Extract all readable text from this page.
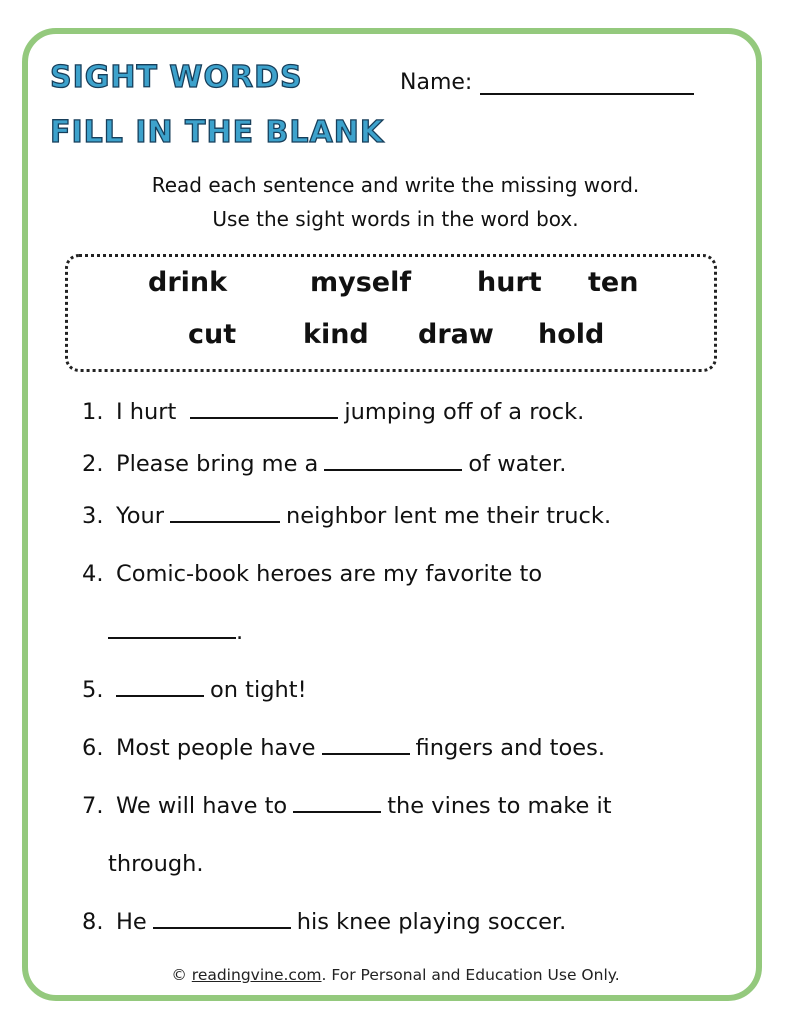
SIGHT WORDS
FILL IN THE BLANK
Name:

Read each sentence and write the missing word.

Use the sight words in the word box.

drink	myself hurt ten
cut kind draw hold

1. I hurt	jumping off of a rock.

2. Please bring me a	of water.

3. Your	neighbor lent me their truck.

4. Comic-book heroes are my favorite to

.

5.	on tight!

6. Most people have	fingers and toes.

7. We will have to	the vines to make it

through.

8. He	his knee playing soccer.

© readingvine.com. For Personal and Education Use Only.
